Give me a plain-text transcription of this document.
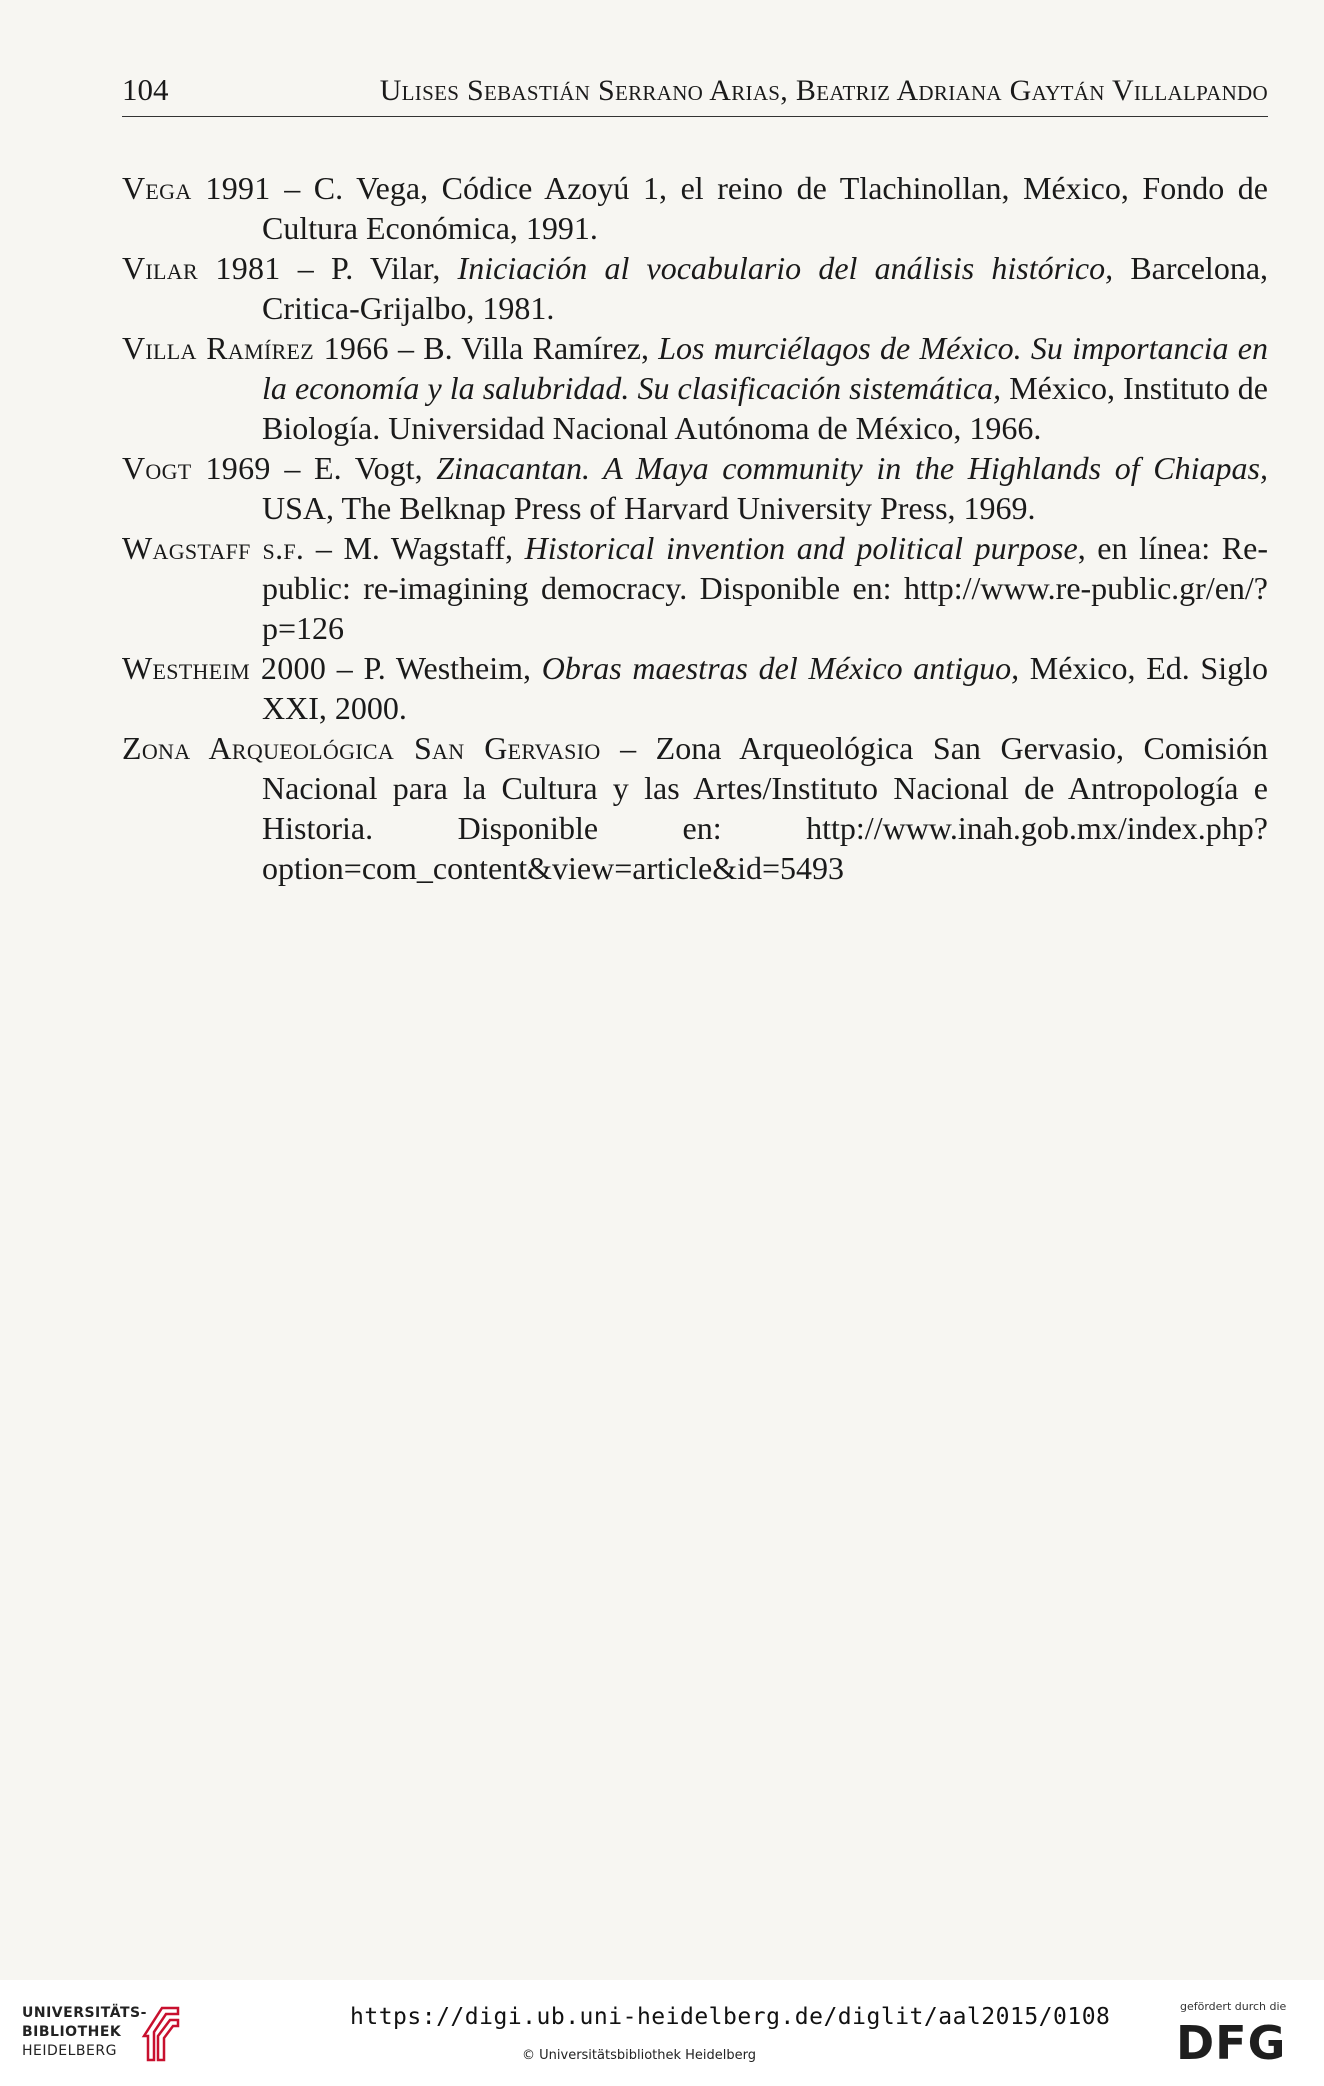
104	Ulises Sebastián Serrano Arias, Beatriz Adriana Gaytán Villalpando

Vega 1991 – C. Vega, Códice Azoyú 1, el reino de Tlachinollan, México, Fondo de Cultura Económica, 1991.

Vilar 1981 – P. Vilar, Iniciación al vocabulario del análisis histórico, Barcelona, Critica-Grijalbo, 1981.

Villa Ramírez 1966 – B. Villa Ramírez, Los murciélagos de México. Su importancia en la economía y la salubridad. Su clasificación sistemática, México, Instituto de Biología. Universidad Nacional Autónoma de México, 1966.

Vogt 1969 – E. Vogt, Zinacantan. A Maya community in the Highlands of Chiapas, USA, The Belknap Press of Harvard University Press, 1969.

Wagstaff s.f. – M. Wagstaff, Historical invention and political purpose, en línea: Re-public: re-imagining democracy. Disponible en: http://www.re-public.gr/en/?p=126

Westheim 2000 – P. Westheim, Obras maestras del México antiguo, México, Ed. Siglo XXI, 2000.

Zona Arqueológica San Gervasio – Zona Arqueológica San Gervasio, Comisión Nacional para la Cultura y las Artes/Instituto Nacional de Antropología e Historia. Disponible en: http://www.inah.gob.mx/index.php?option=com_content&view=article&id=5493

UNIVERSITÄTS-
BIBLIOTHEK
HEIDELBERG
https://digi.ub.uni-heidelberg.de/diglit/aal2015/0108
© Universitätsbibliothek Heidelberg
gefördert durch die
DFG
